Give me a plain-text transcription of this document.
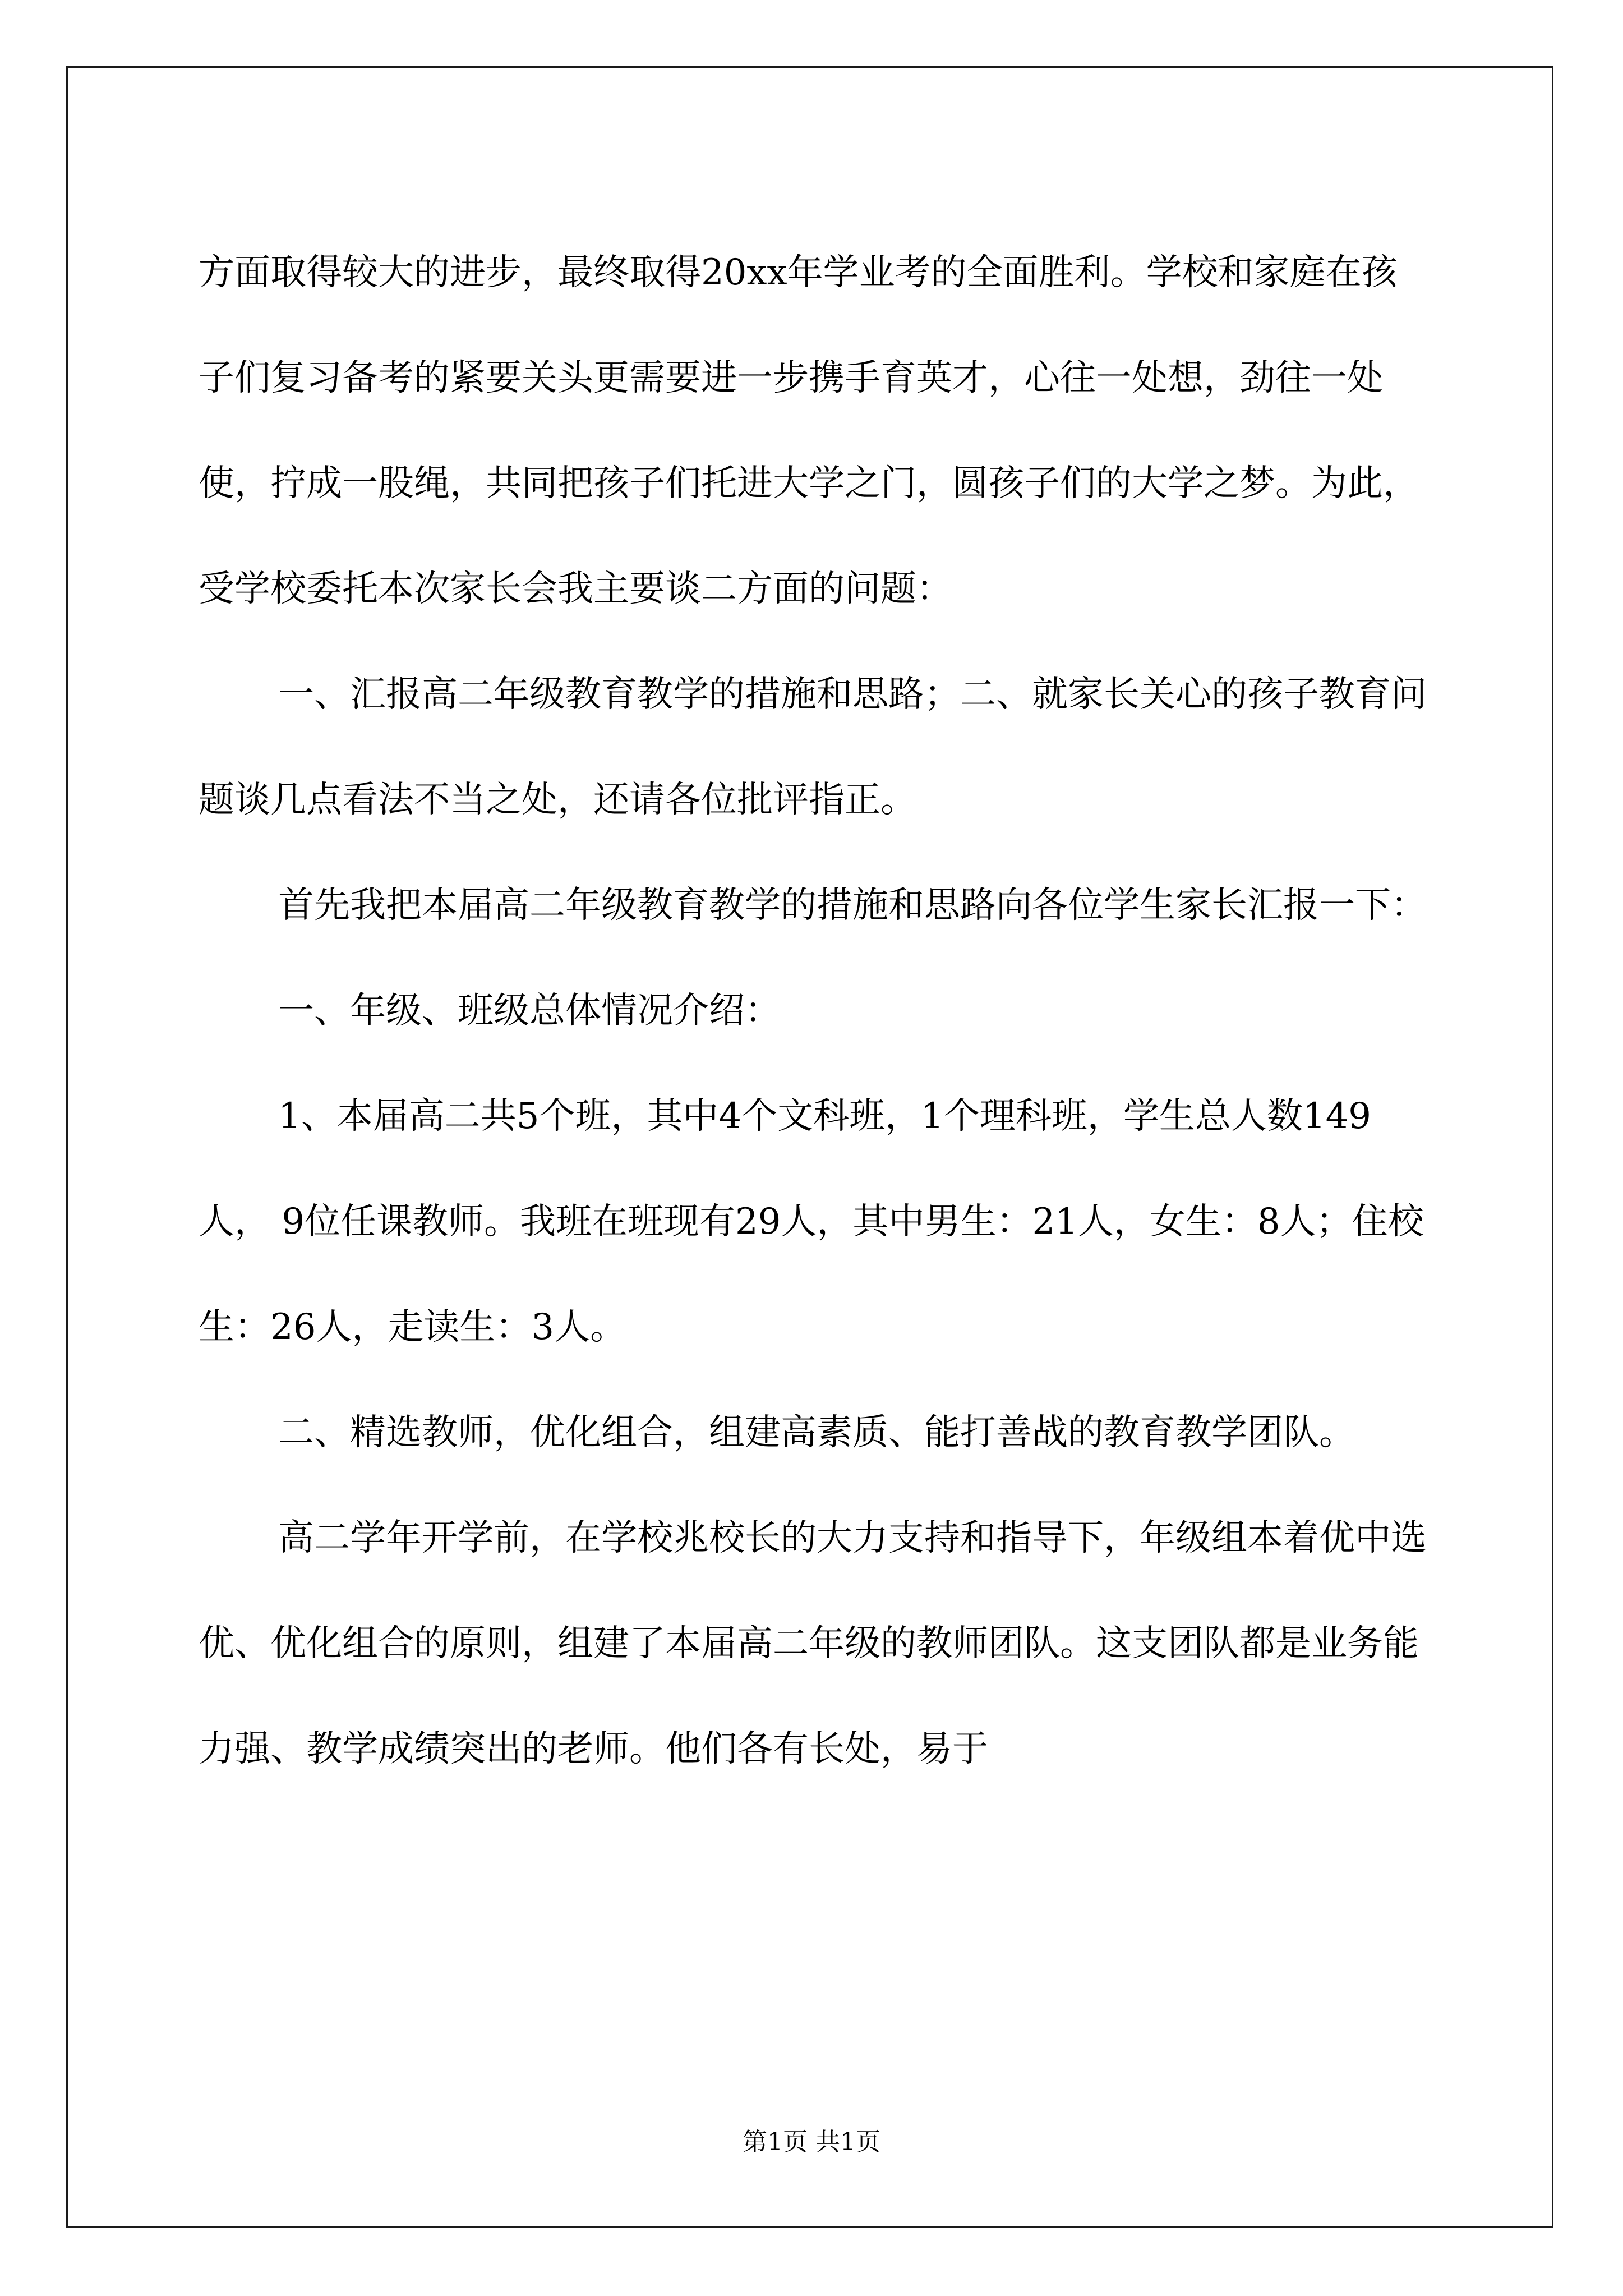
方面取得较大的进步，最终取得20xx年学业考的全面胜利。学校和家庭在孩子们复习备考的紧要关头更需要进一步携手育英才，心往一处想，劲往一处使，拧成一股绳，共同把孩子们托进大学之门，圆孩子们的大学之梦。为此，受学校委托本次家长会我主要谈二方面的问题：

一、汇报高二年级教育教学的措施和思路；二、就家长关心的孩子教育问题谈几点看法不当之处，还请各位批评指正。

首先我把本届高二年级教育教学的措施和思路向各位学生家长汇报一下：

一、年级、班级总体情况介绍：

1、本届高二共5个班，其中4个文科班，1个理科班，学生总人数149人， 9位任课教师。我班在班现有29人，其中男生：21人，女生：8人；住校生：26人，走读生：3人。

二、精选教师，优化组合，组建高素质、能打善战的教育教学团队。

高二学年开学前，在学校兆校长的大力支持和指导下，年级组本着优中选优、优化组合的原则，组建了本届高二年级的教师团队。这支团队都是业务能力强、教学成绩突出的老师。他们各有长处，易于

第1页 共1页
